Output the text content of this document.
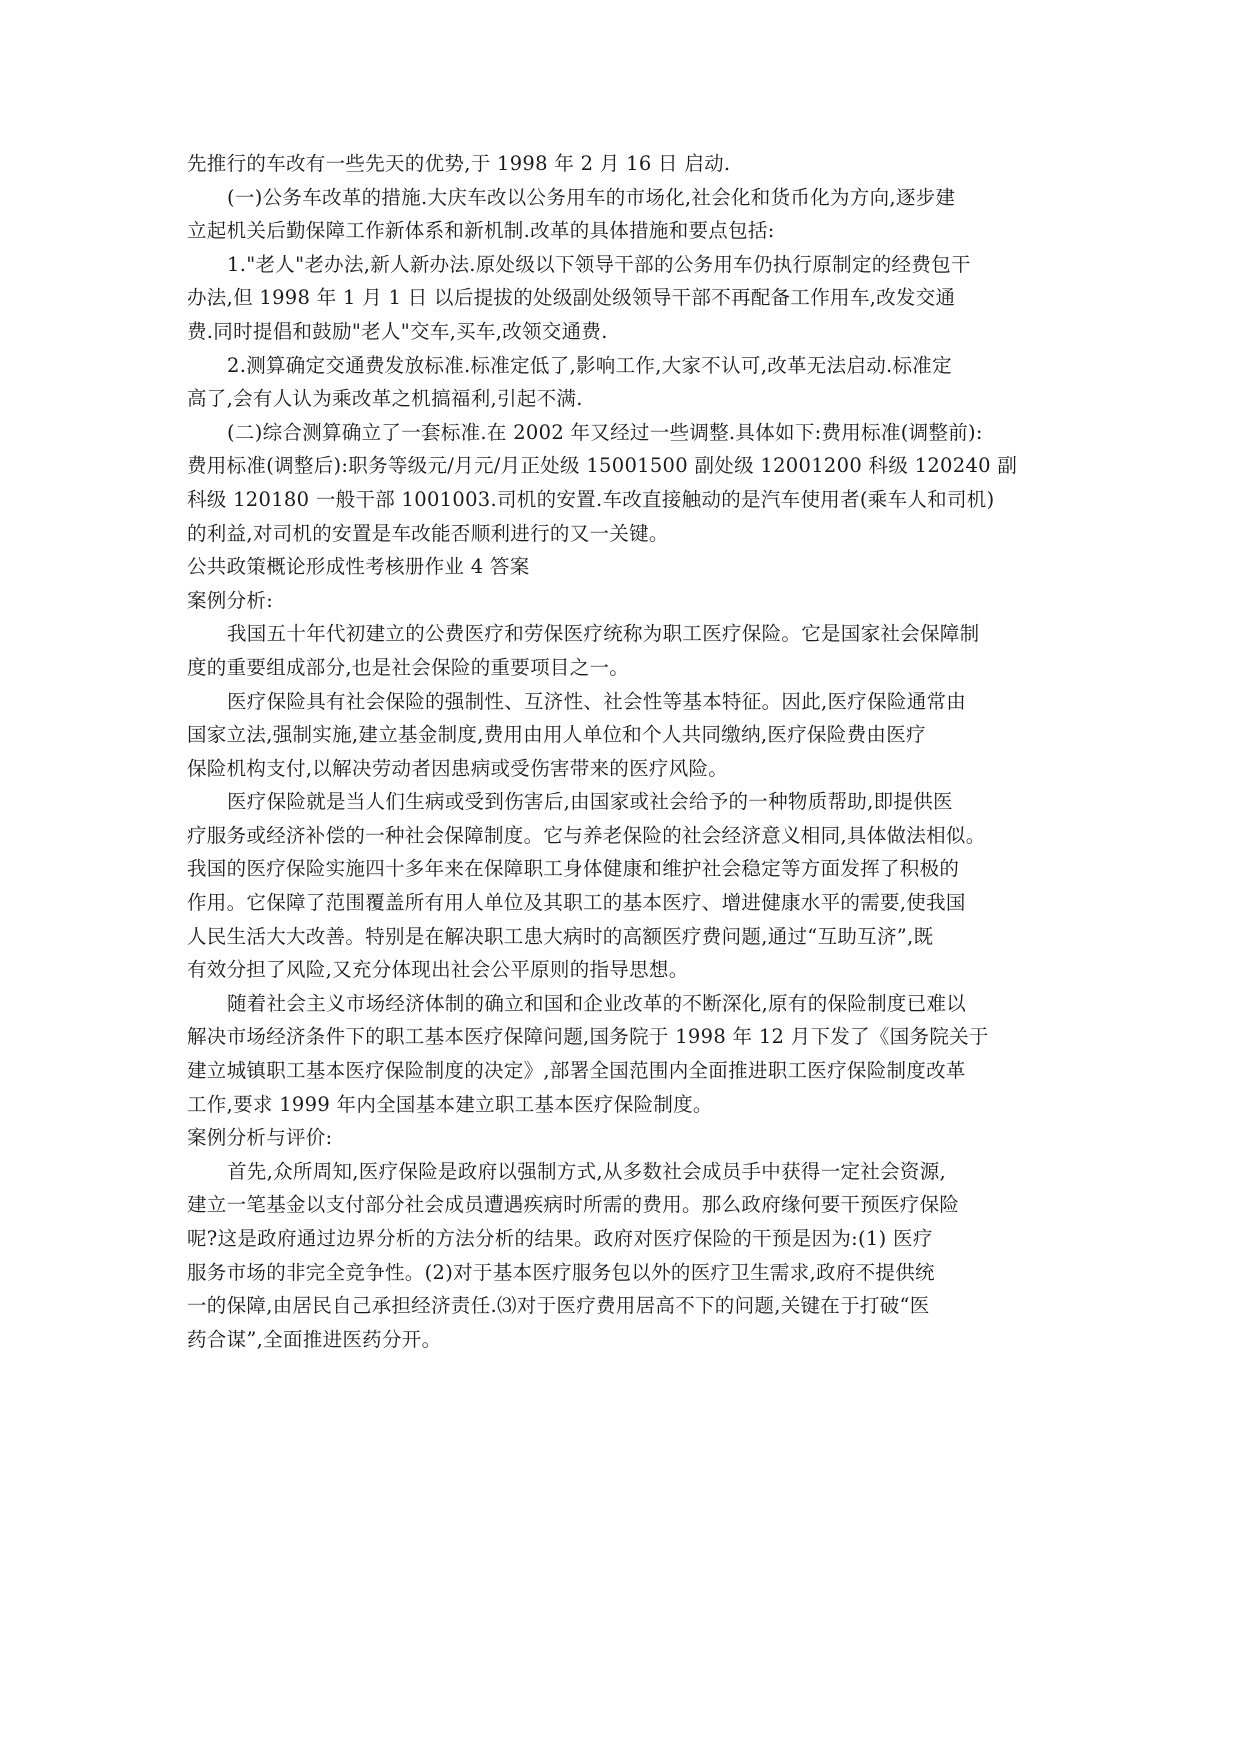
先推行的车改有一些先天的优势,于 1998 年 2 月 16 日 启动.
(一)公务车改革的措施.大庆车改以公务用车的市场化,社会化和货币化为方向,逐步建
立起机关后勤保障工作新体系和新机制.改革的具体措施和要点包括:
1."老人"老办法,新人新办法.原处级以下领导干部的公务用车仍执行原制定的经费包干
办法,但 1998 年 1 月 1 日 以后提拔的处级副处级领导干部不再配备工作用车,改发交通
费.同时提倡和鼓励"老人"交车,买车,改领交通费.
2.测算确定交通费发放标准.标准定低了,影响工作,大家不认可,改革无法启动.标准定
高了,会有人认为乘改革之机搞福利,引起不满.
(二)综合测算确立了一套标准.在 2002 年又经过一些调整.具体如下:费用标准(调整前):
费用标准(调整后):职务等级元/月元/月正处级 15001500 副处级 12001200 科级 120240 副
科级 120180 一般干部 1001003.司机的安置.车改直接触动的是汽车使用者(乘车人和司机)
的利益,对司机的安置是车改能否顺利进行的又一关键。
公共政策概论形成性考核册作业 4 答案
案例分析:
我国五十年代初建立的公费医疗和劳保医疗统称为职工医疗保险。它是国家社会保障制
度的重要组成部分,也是社会保险的重要项目之一。
医疗保险具有社会保险的强制性、互济性、社会性等基本特征。因此,医疗保险通常由
国家立法,强制实施,建立基金制度,费用由用人单位和个人共同缴纳,医疗保险费由医疗
保险机构支付,以解决劳动者因患病或受伤害带来的医疗风险。
医疗保险就是当人们生病或受到伤害后,由国家或社会给予的一种物质帮助,即提供医
疗服务或经济补偿的一种社会保障制度。它与养老保险的社会经济意义相同,具体做法相似。
我国的医疗保险实施四十多年来在保障职工身体健康和维护社会稳定等方面发挥了积极的
作用。它保障了范围覆盖所有用人单位及其职工的基本医疗、增进健康水平的需要,使我国
人民生活大大改善。特别是在解决职工患大病时的高额医疗费问题,通过“互助互济”,既
有效分担了风险,又充分体现出社会公平原则的指导思想。
随着社会主义市场经济体制的确立和国和企业改革的不断深化,原有的保险制度已难以
解决市场经济条件下的职工基本医疗保障问题,国务院于 1998 年 12 月下发了《国务院关于
建立城镇职工基本医疗保险制度的决定》,部署全国范围内全面推进职工医疗保险制度改革
工作,要求 1999 年内全国基本建立职工基本医疗保险制度。
案例分析与评价:
首先,众所周知,医疗保险是政府以强制方式,从多数社会成员手中获得一定社会资源,
建立一笔基金以支付部分社会成员遭遇疾病时所需的费用。那么政府缘何要干预医疗保险
呢?这是政府通过边界分析的方法分析的结果。政府对医疗保险的干预是因为:(1) 医疗
服务市场的非完全竞争性。(2)对于基本医疗服务包以外的医疗卫生需求,政府不提供统
一的保障,由居民自己承担经济责任.⑶对于医疗费用居高不下的问题,关键在于打破“医
药合谋”,全面推进医药分开。
